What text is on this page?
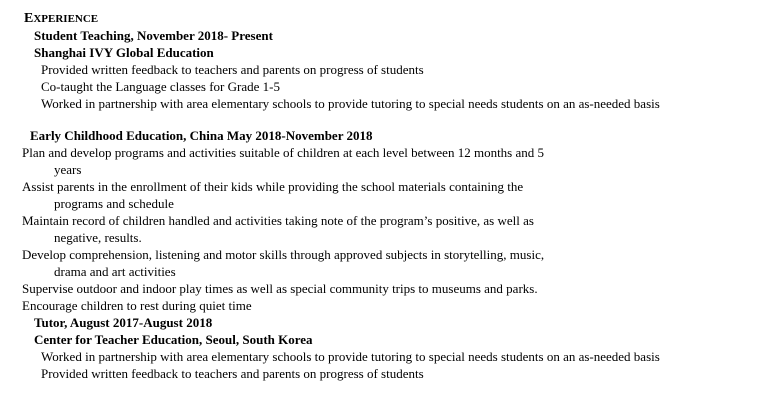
EXPERIENCE
Student Teaching, November 2018- Present
Shanghai IVY Global Education
Provided written feedback to teachers and parents on progress of students
Co-taught the Language classes for Grade 1-5
Worked in partnership with area elementary schools to provide tutoring to special needs students on an as-needed basis
Early Childhood Education, China May 2018-November 2018
Plan and develop programs and activities suitable of children at each level between 12 months and 5
years
Assist parents in the enrollment of their kids while providing the school materials containing the
programs and schedule
Maintain record of children handled and activities taking note of the program’s positive, as well as
negative, results.
Develop comprehension, listening and motor skills through approved subjects in storytelling, music,
drama and art activities
Supervise outdoor and indoor play times as well as special community trips to museums and parks.
Encourage children to rest during quiet time
Tutor, August 2017-August 2018
Center for Teacher Education, Seoul, South Korea
Worked in partnership with area elementary schools to provide tutoring to special needs students on an as-needed basis
Provided written feedback to teachers and parents on progress of students
